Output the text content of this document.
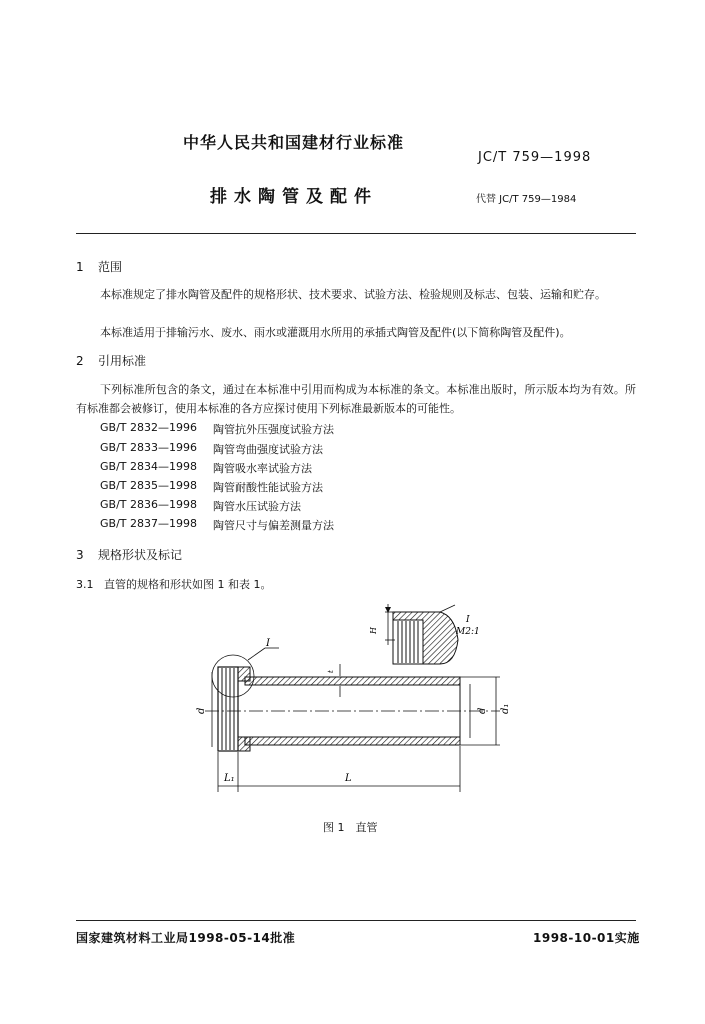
中华人民共和国建材行业标准
JC/T 759—1998
排水陶管及配件	代替 JC/T 759—1984
1 范围
本标准规定了排水陶管及配件的规格形状、技术要求、试验方法、检验规则及标志、包装、运输和贮存。
本标准适用于排输污水、废水、雨水或灌溉用水所用的承插式陶管及配件(以下简称陶管及配件)。
2 引用标准
下列标准所包含的条文，通过在本标准中引用而构成为本标准的条文。本标准出版时，所示版本均为有效。所有标准都会被修订，使用本标准的各方应探讨使用下列标准最新版本的可能性。
GB/T 2832—1996 陶管抗外压强度试验方法
GB/T 2833—1996 陶管弯曲强度试验方法
GB/T 2834—1998 陶管吸水率试验方法
GB/T 2835—1998 陶管耐酸性能试验方法
GB/T 2836—1998 陶管水压试验方法
GB/T 2837—1998 陶管尺寸与偏差测量方法
3 规格形状及标记
3.1 直管的规格和形状如图 1 和表 1。
H
I
M2:1
I
d
t
d d₁
L₁	L
图 1　直管
国家建筑材料工业局1998-05-14批准	1998-10-01实施
